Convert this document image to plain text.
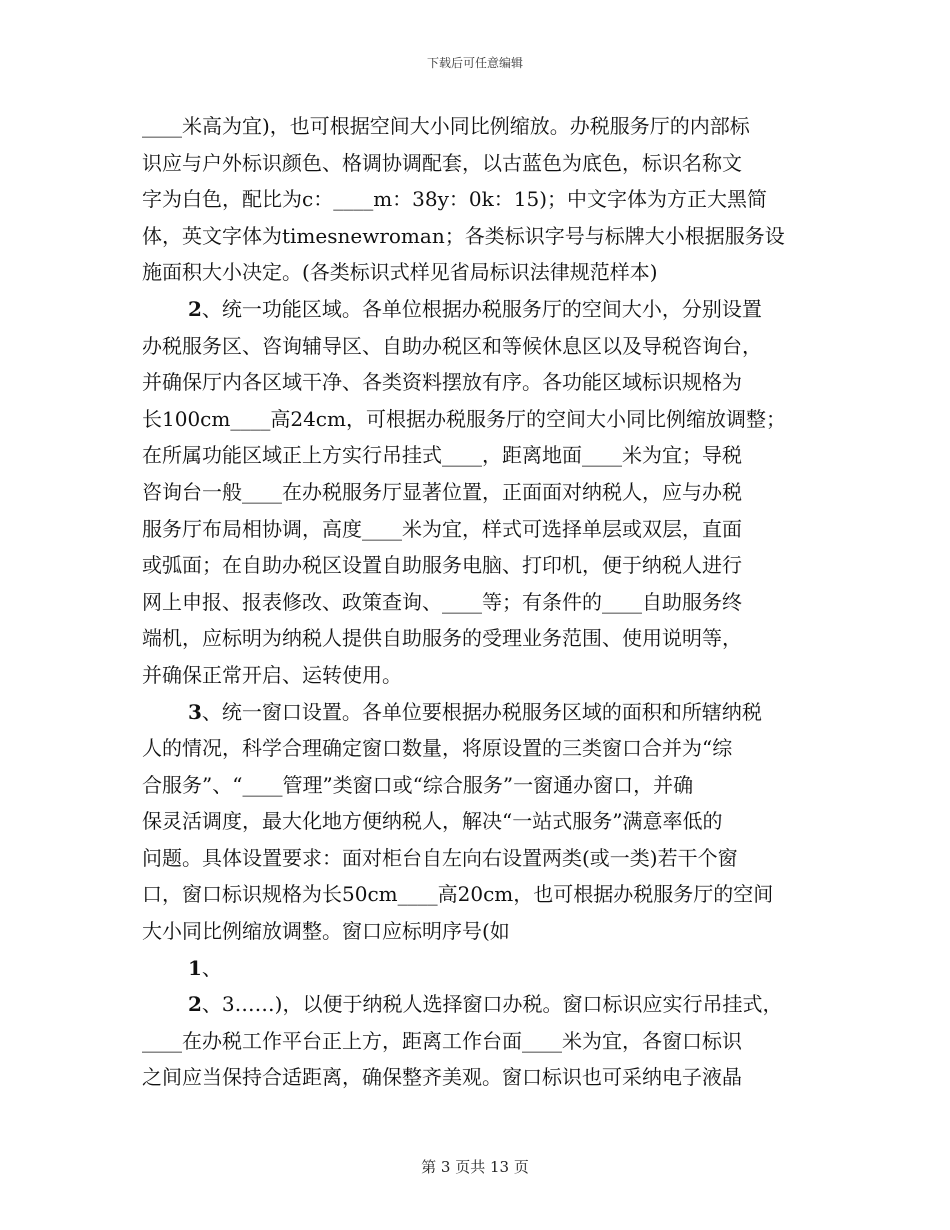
下载后可任意编辑
____米高为宜)，也可根据空间大小同比例缩放。办税服务厅的内部标
识应与户外标识颜色、格调协调配套，以古蓝色为底色，标识名称文
字为白色，配比为c：____m：38y：0k：15)；中文字体为方正大黑简
体，英文字体为timesnewroman；各类标识字号与标牌大小根据服务设
施面积大小决定。(各类标识式样见省局标识法律规范样本)
2、统一功能区域。各单位根据办税服务厅的空间大小，分别设置
办税服务区、咨询辅导区、自助办税区和等候休息区以及导税咨询台，
并确保厅内各区域干净、各类资料摆放有序。各功能区域标识规格为
长100cm____高24cm，可根据办税服务厅的空间大小同比例缩放调整；
在所属功能区域正上方实行吊挂式____，距离地面____米为宜；导税
咨询台一般____在办税服务厅显著位置，正面面对纳税人，应与办税
服务厅布局相协调，高度____米为宜，样式可选择单层或双层，直面
或弧面；在自助办税区设置自助服务电脑、打印机，便于纳税人进行
网上申报、报表修改、政策查询、____等；有条件的____自助服务终
端机，应标明为纳税人提供自助服务的受理业务范围、使用说明等，
并确保正常开启、运转使用。
3、统一窗口设置。各单位要根据办税服务区域的面积和所辖纳税
人的情况，科学合理确定窗口数量，将原设置的三类窗口合并为“综
合服务”、“____管理”类窗口或“综合服务”一窗通办窗口，并确
保灵活调度，最大化地方便纳税人，解决“一站式服务”满意率低的
问题。具体设置要求：面对柜台自左向右设置两类(或一类)若干个窗
口，窗口标识规格为长50cm____高20cm，也可根据办税服务厅的空间
大小同比例缩放调整。窗口应标明序号(如
1、
2、3……)，以便于纳税人选择窗口办税。窗口标识应实行吊挂式，
____在办税工作平台正上方，距离工作台面____米为宜，各窗口标识
之间应当保持合适距离，确保整齐美观。窗口标识也可采纳电子液晶
第 3 页共 13 页
